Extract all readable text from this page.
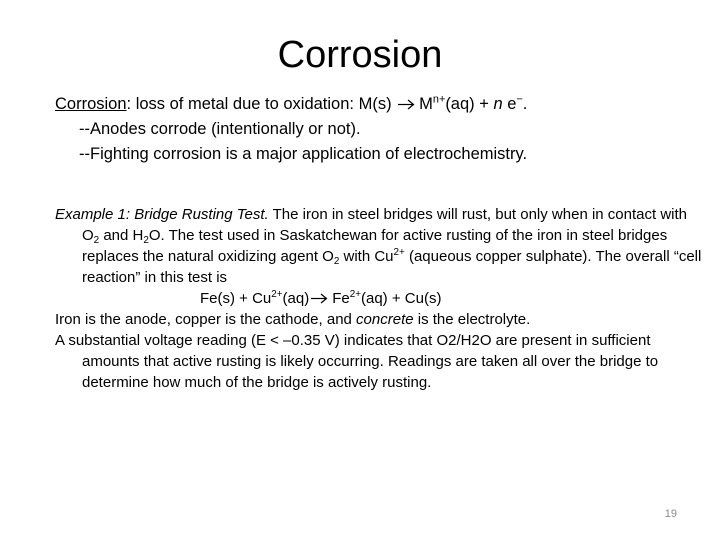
Corrosion
Corrosion: loss of metal due to oxidation: $M(s) \to M^{n+}(aq) + n$ e−.
--Anodes corrode (intentionally or not).
--Fighting corrosion is a major application of electrochemistry.
Example 1: Bridge Rusting Test. The iron in steel bridges will rust, but only when in contact with $O_2$ and $H_2O$. The test used in Saskatchewan for active rusting of the iron in steel bridges replaces the natural oxidizing agent $O_2$ with $Cu^{2+}$ (aqueous copper sulphate). The overall “cell reaction” in this test is
$Fe(s) + Cu^{2+}(aq) Fe^{2+}(aq) + Cu(s)$
Iron is the anode, copper is the cathode, and concrete is the electrolyte.
A substantial voltage reading (E < –0.35 V) indicates that O2/H2O are present in sufficient amounts that active rusting is likely occurring. Readings are taken all over the bridge to determine how much of the bridge is actively rusting.
19
